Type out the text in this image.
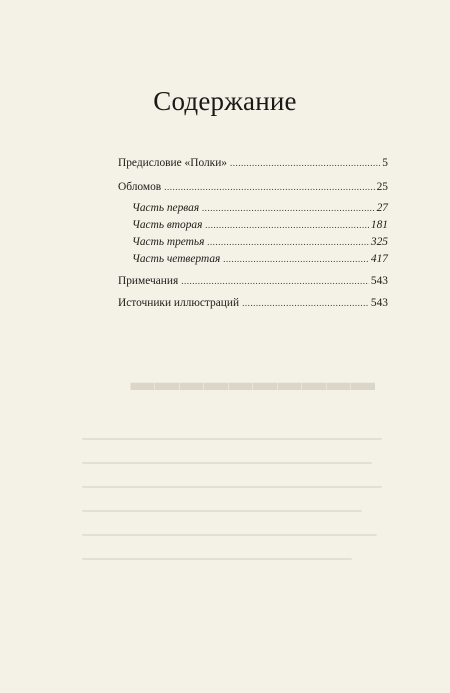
▬▬▬▬▬▬▬▬▬▬
Содержание
Предисловие «Полки» .....	5
Обломов .....	25
Часть первая .....	27
Часть вторая .....	181
Часть третья .....	325
Часть четвертая .....	417
Примечания .....	543
Источники иллюстраций .....	543
